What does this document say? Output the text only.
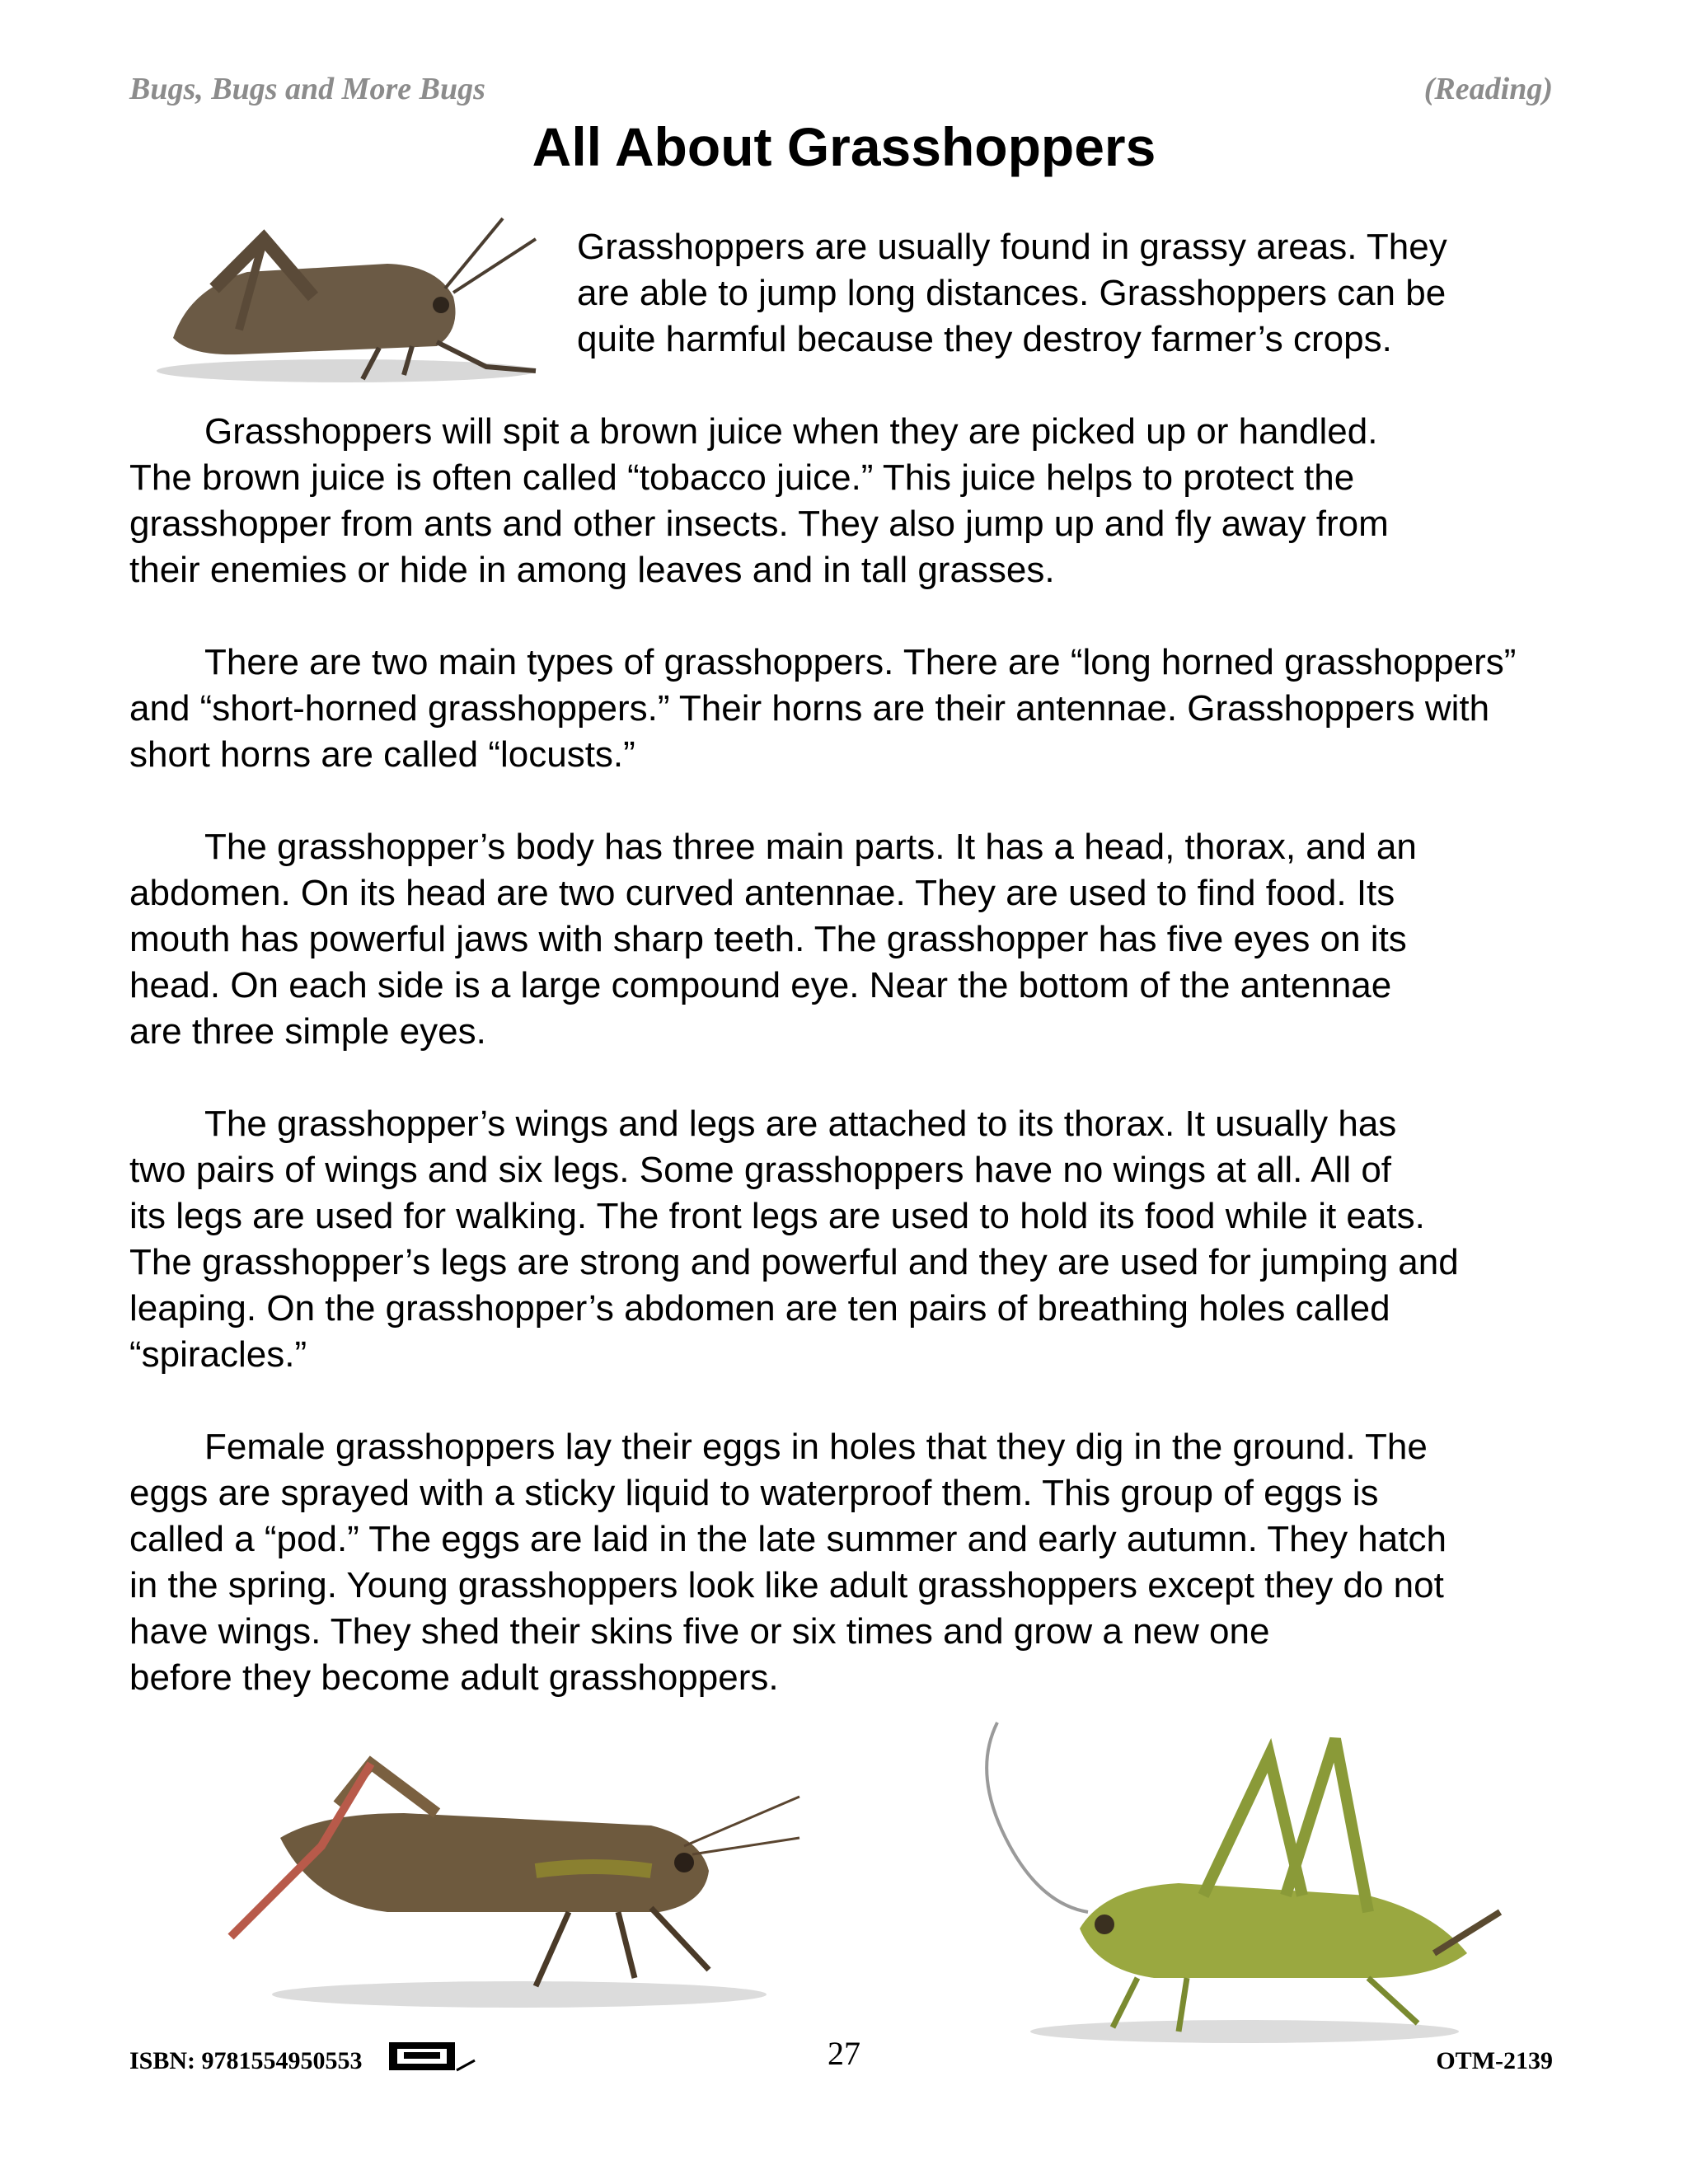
Bugs, Bugs and More Bugs	(Reading)
All About Grasshoppers
Grasshoppers are usually found in grassy areas. They
are able to jump long distances. Grasshoppers can be
quite harmful because they destroy farmer’s crops.
Grasshoppers will spit a brown juice when they are picked up or handled.
The brown juice is often called “tobacco juice.” This juice helps to protect the
grasshopper from ants and other insects. They also jump up and fly away from
their enemies or hide in among leaves and in tall grasses.
There are two main types of grasshoppers. There are “long horned grasshoppers”
and “short-horned grasshoppers.” Their horns are their antennae. Grasshoppers with
short horns are called “locusts.”
The grasshopper’s body has three main parts. It has a head, thorax, and an
abdomen. On its head are two curved antennae. They are used to find food. Its
mouth has powerful jaws with sharp teeth. The grasshopper has five eyes on its
head. On each side is a large compound eye. Near the bottom of the antennae
are three simple eyes.
The grasshopper’s wings and legs are attached to its thorax. It usually has
two pairs of wings and six legs. Some grasshoppers have no wings at all. All of
its legs are used for walking. The front legs are used to hold its food while it eats.
The grasshopper’s legs are strong and powerful and they are used for jumping and
leaping. On the grasshopper’s abdomen are ten pairs of breathing holes called
“spiracles.”
Female grasshoppers lay their eggs in holes that they dig in the ground. The
eggs are sprayed with a sticky liquid to waterproof them. This group of eggs is
called a “pod.” The eggs are laid in the late summer and early autumn. They hatch
in the spring. Young grasshoppers look like adult grasshoppers except they do not
have wings. They shed their skins five or six times and grow a new one
before they become adult grasshoppers.
ISBN: 9781554950553	27	OTM-2139
